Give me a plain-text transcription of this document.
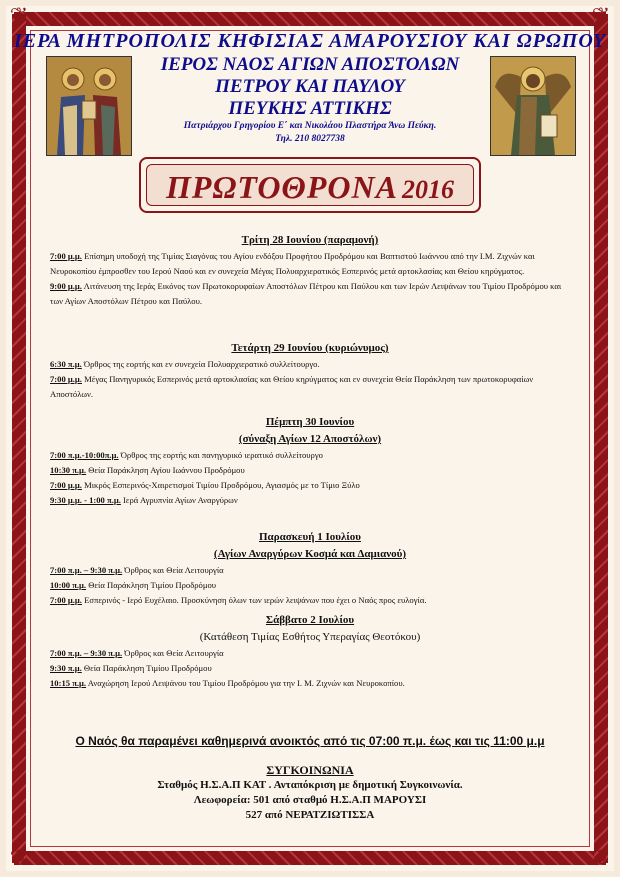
❦	❦
❦	❦
ΙΕΡΑ ΜΗΤΡΟΠΟΛΙΣ ΚΗΦΙΣΙΑΣ ΑΜΑΡΟΥΣΙΟΥ ΚΑΙ ΩΡΩΠΟΥ
ΙΕΡΟΣ ΝΑΟΣ ΑΓΙΩΝ ΑΠΟΣΤΟΛΩΝ
ΠΕΤΡΟΥ ΚΑΙ ΠΑΥΛΟΥ
ΠΕΥΚΗΣ ΑΤΤΙΚΗΣ
Πατριάρχου Γρηγορίου Ε΄ και Νικολάου Πλαστήρα Άνω Πεύκη.
Τηλ. 210 8027738
ΠΡΩΤΟΘΡΟΝΑ 2016
Τρίτη 28 Ιουνίου (παραμονή)

7:00 μ.μ. Επίσημη υποδοχή της Τιμίας Σιαγόνας του Αγίου ενδόξου Προφήτου Προδρόμου και Βαπτιστού Ιωάννου από την Ι.Μ. Ζιχνών και Νευροκοπίου έμπροσθεν του Ιερού Ναού και εν συνεχεία Μέγας Πολυαρχιερατικός Εσπερινός μετά αρτοκλασίας και Θείου κηρύγματος.

9:00 μ.μ. Λιτάνευση της Ιεράς Εικόνος των Πρωτοκορυφαίων Αποστόλων Πέτρου και Παύλου και των Ιερών Λειψάνων του Τιμίου Προδρόμου και των Αγίων Αποστόλων Πέτρου και Παύλου.

Τετάρτη 29 Ιουνίου (κυριώνυμος)

6:30 π.μ. Όρθρος της εορτής και εν συνεχεία Πολυαρχιερατικό συλλείτουργο.

7:00 μ.μ. Μέγας Πανηγυρικός Εσπερινός μετά αρτοκλασίας και Θείου κηρύγματος και εν συνεχεία Θεία Παράκληση των πρωτοκορυφαίων Αποστόλων.

Πέμπτη 30 Ιουνίου
(σύναξη Αγίων 12 Αποστόλων)

7:00 π.μ.-10:00π.μ. Όρθρος της εορτής και πανηγυρικό ιερατικό συλλείτουργο

10:30 π.μ. Θεία Παράκληση Αγίου Ιωάννου Προδρόμου

7:00 μ.μ. Μικρός Εσπερινός-Χαιρετισμοί Τιμίου Προδρόμου, Αγιασμός με το Τίμιο Ξύλο

9:30 μ.μ. - 1:00 π.μ. Ιερά Αγρυπνία Αγίων Αναργύρων

Παρασκευή 1 Ιουλίου
(Αγίων Αναργύρων Κοσμά και Δαμιανού)

7:00 π.μ. – 9:30 π.μ. Όρθρος και Θεία Λειτουργία

10:00 π.μ. Θεία Παράκληση Τιμίου Προδρόμου

7:00 μ.μ. Εσπερινός - Ιερό Ευχέλαιο. Προσκύνηση όλων των ιερών λειψάνων που έχει ο Ναός προς ευλογία.

Σάββατο 2 Ιουλίου
(Κατάθεση Τιμίας Εσθήτος Υπεραγίας Θεοτόκου)

7:00 π.μ. – 9:30 π.μ. Όρθρος και Θεία Λειτουργία

9:30 π.μ. Θεία Παράκληση Τιμίου Προδρόμου

10:15 π.μ. Αναχώρηση Ιερού Λειψάνου του Τιμίου Προδρόμου για την Ι. Μ. Ζιχνών και Νευροκοπίου.

Ο Ναός θα παραμένει καθημερινά ανοικτός από τις 07:00 π.μ. έως και τις 11:00 μ.μ
ΣΥΓΚΟΙΝΩΝΙΑ
Σταθμός Η.Σ.Α.Π ΚΑΤ . Ανταπόκριση με δημοτική Συγκοινωνία.
Λεωφορεία: 501 από σταθμό Η.Σ.Α.Π ΜΑΡΟΥΣΙ
527 από ΝΕΡΑΤΖΙΩΤΙΣΣΑ
